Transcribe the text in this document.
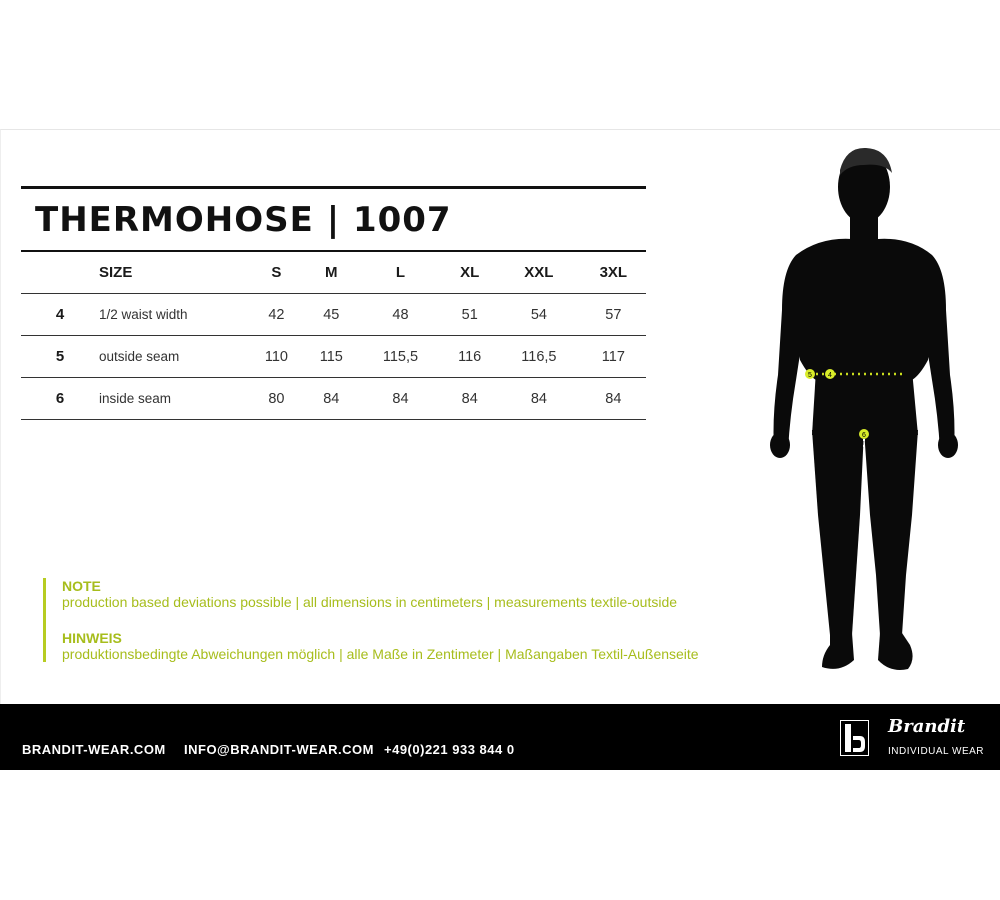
THERMOHOSE | 1007
	SIZE	S	M	L	XL	XXL	3XL
4	1/2 waist width	42	45	48	51	54	57
5	outside seam	110	115	115,5	116	116,5	117
6	inside seam	80	84	84	84	84	84
NOTE
production based deviations possible | all dimensions in centimeters | measurements textile-outside
HINWEIS
produktionsbedingte Abweichungen möglich | alle Maße in Zentimeter | Maßangaben Textil-Außenseite
5 4
6
BRANDIT-WEAR.COM INFO@BRANDIT-WEAR.COM +49(0)221 933 844 0
Brandit
INDIVIDUAL WEAR
